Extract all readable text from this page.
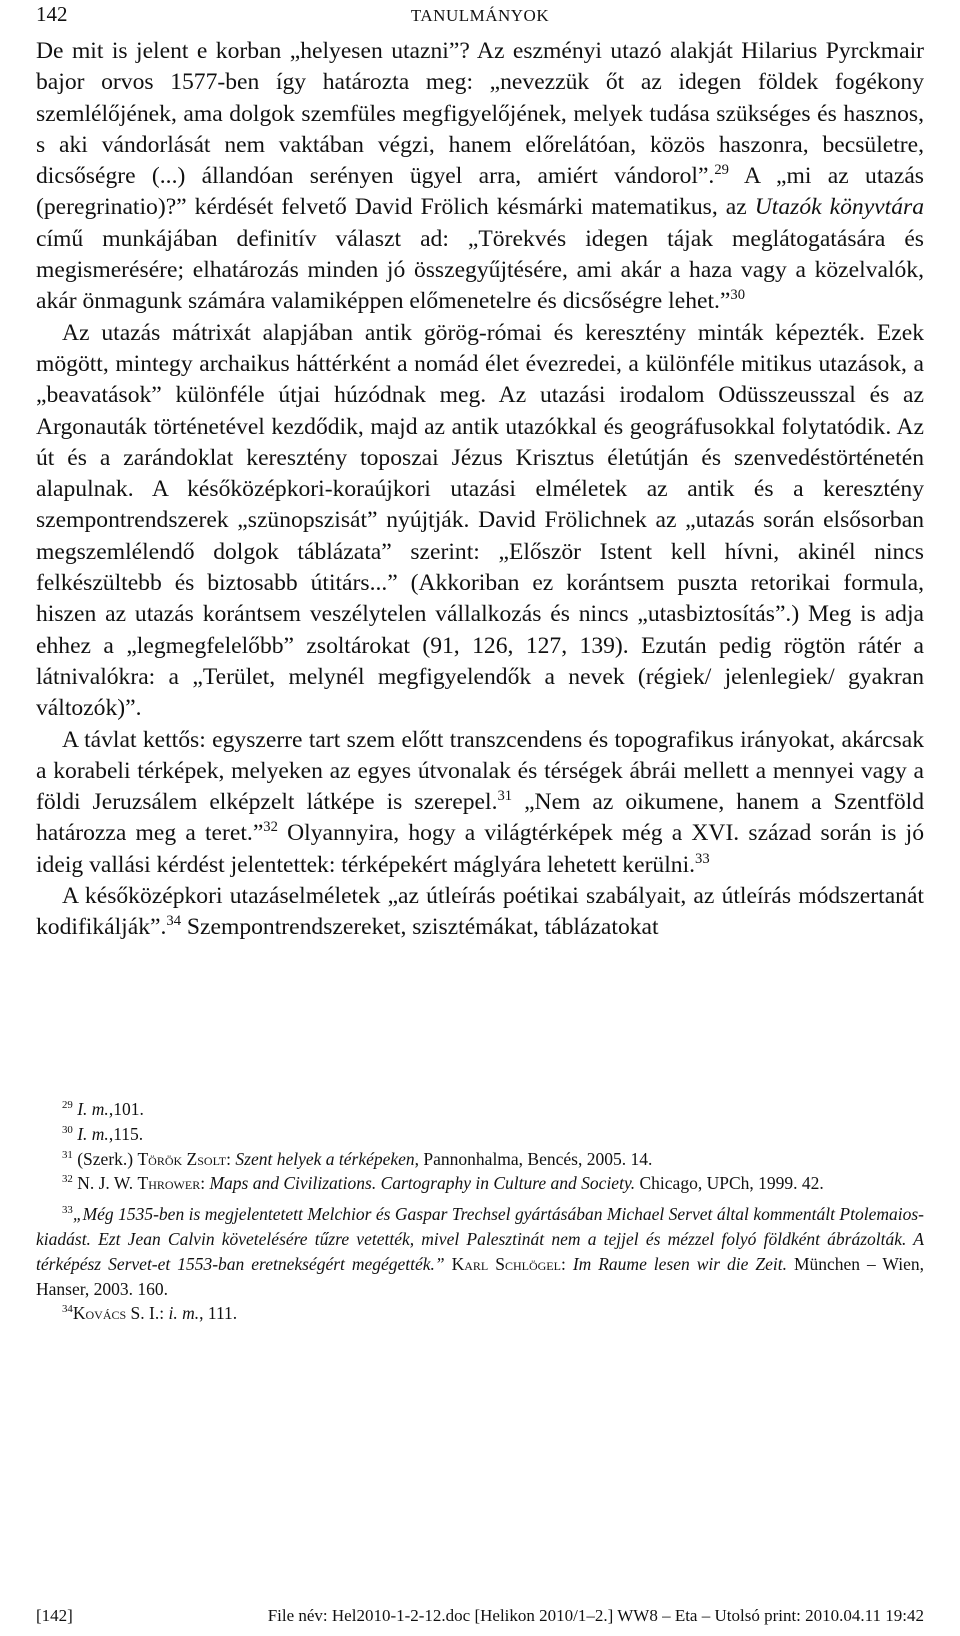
142	TANULMÁNYOK

De mit is jelent e korban „helyesen utazni”? Az eszményi utazó alakját Hilarius Pyrckmair bajor orvos 1577-ben így határozta meg: „nevezzük őt az idegen földek fogékony szemlélőjének, ama dolgok szemfüles megfigyelőjének, melyek tudása szükséges és hasznos, s aki vándorlását nem vaktában végzi, hanem előrelátóan, közös haszonra, becsületre, dicsőségre (...) állandóan serényen ügyel arra, amiért vándorol”.$^{29}$ A „mi az utazás (peregrinatio)?” kérdését felvető David Frölich késmárki matematikus, az Utazók könyvtára című munkájában definitív választ ad: „Törekvés idegen tájak meglátogatására és megismerésére; elhatározás minden jó összegyűjtésére, ami akár a haza vagy a közelvalók, akár önmagunk számára valamiképpen előmenetelre és dicsőségre lehet.”$^{30}$

Az utazás mátrixát alapjában antik görög-római és keresztény minták képezték. Ezek mögött, mintegy archaikus háttérként a nomád élet évezredei, a különféle mitikus utazások, a „beavatások” különféle útjai húzódnak meg. Az utazási irodalom Odüsszeusszal és az Argonauták történetével kezdődik, majd az antik utazókkal és geográfusokkal folytatódik. Az út és a zarándoklat keresztény toposzai Jézus Krisztus életútján és szenvedéstörténetén alapulnak. A későközépkori-koraújkori utazási elméletek az antik és a keresztény szempontrendszerek „szünopszisát” nyújtják. David Frölichnek az „utazás során elsősorban megszemlélendő dolgok táblázata” szerint: „Először Istent kell hívni, akinél nincs felkészültebb és biztosabb útitárs...” (Akkoriban ez korántsem puszta retorikai formula, hiszen az utazás korántsem veszélytelen vállalkozás és nincs „utasbiztosítás”.) Meg is adja ehhez a „legmegfelelőbb” zsoltárokat (91, 126, 127, 139). Ezután pedig rögtön rátér a látnivalókra: a „Terület, melynél megfigyelendők a nevek (régiek/ jelenlegiek/ gyakran változók)”.

A távlat kettős: egyszerre tart szem előtt transzcendens és topografikus irányokat, akárcsak a korabeli térképek, melyeken az egyes útvonalak és térségek ábrái mellett a mennyei vagy a földi Jeruzsálem elképzelt látképe is szerepel.$^{31}$ „Nem az oikumene, hanem a Szentföld határozza meg a teret.”$^{32}$ Olyannyira, hogy a világtérképek még a XVI. század során is jó ideig vallási kérdést jelentettek: térképekért máglyára lehetett kerülni.$^{33}$

A későközépkori utazáselméletek „az útleírás poétikai szabályait, az útleírás módszertanát kodifikálják”.$^{34}$ Szempontrendszereket, szisztémákat, táblázatokat

$^{29}$ I. m.,101.

$^{30}$ I. m.,115.

$^{31}$ (Szerk.) Török Zsolt: Szent helyek a térképeken, Pannonhalma, Bencés, 2005. 14.

$^{32}$ N. J. W. Thrower: Maps and Civilizations. Cartography in Culture and Society. Chicago, UPCh, 1999. 42.

$^{33}$„Még 1535-ben is megjelentetett Melchior és Gaspar Trechsel gyártásában Michael Servet által kommentált Ptolemaios-kiadást. Ezt Jean Calvin követelésére tűzre vetették, mivel Palesztinát nem a tejjel és mézzel folyó földként ábrázolták. A térképész Servet-et 1553-ban eretnekségért megégették.” Karl Schlögel: Im Raume lesen wir die Zeit. München – Wien, Hanser, 2003. 160.

$^{34}$Kovács S. I.: i. m., 111.

[142]	File név: Hel2010-1-2-12.doc [Helikon 2010/1–2.] WW8 – Eta – Utolsó print: 2010.04.11 19:42
